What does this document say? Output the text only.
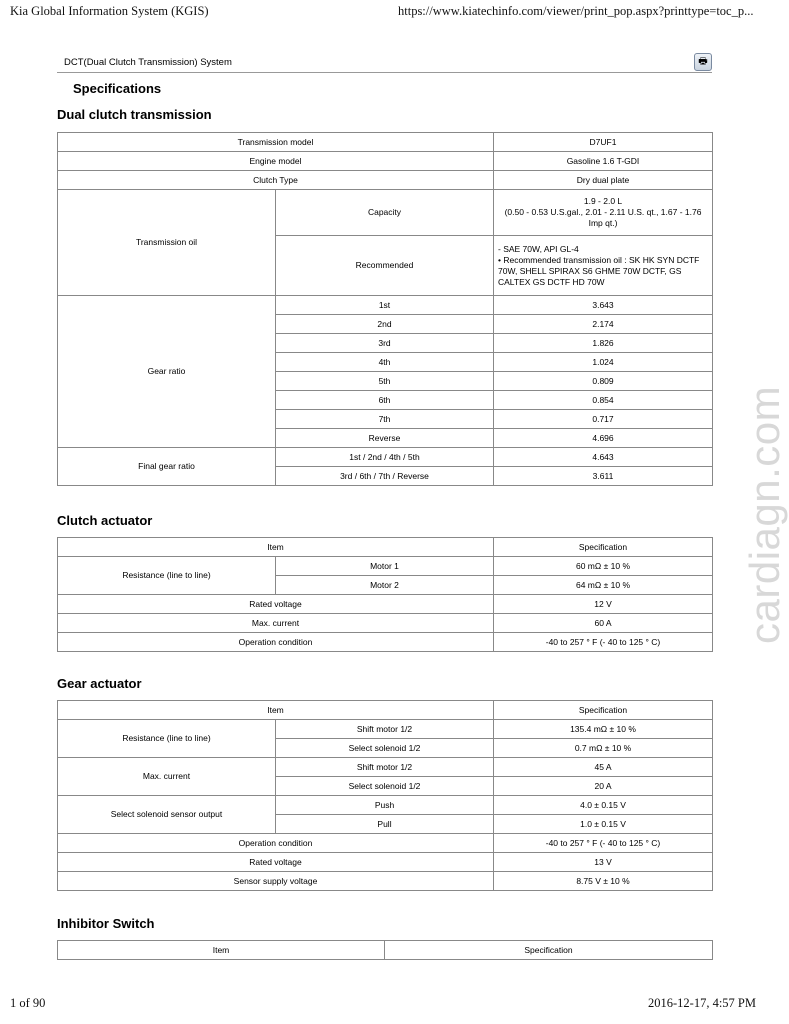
Kia Global Information System (KGIS)	https://www.kiatechinfo.com/viewer/print_pop.aspx?printtype=toc_p...
DCT(Dual Clutch Transmission) System	🖶
Specifications
Dual clutch transmission
Transmission model		D7UF1
Engine model		Gasoline 1.6 T-GDI
Clutch Type		Dry dual plate
Transmission oil	Capacity	1.9 - 2.0 L
(0.50 - 0.53 U.S.gal., 2.01 - 2.11 U.S. qt., 1.67 - 1.76 Imp qt.)

	Recommended	- SAE 70W, API GL-4
• Recommended transmission oil : SK HK SYN DCTF 70W, SHELL SPIRAX S6 GHME 70W DCTF, GS CALTEX GS DCTF HD 70W

Gear ratio	1st	3.643
	2nd	2.174
	3rd	1.826
	4th	1.024
	5th	0.809
	6th	0.854
	7th	0.717
	Reverse	4.696
Final gear ratio	1st / 2nd / 4th / 5th	4.643
	3rd / 6th / 7th / Reverse	3.611
Clutch actuator
Item		Specification
Resistance (line to line)	Motor 1	60 mΩ ± 10 %
	Motor 2	64 mΩ ± 10 %
Rated voltage		12 V
Max. current		60 A
Operation condition		-40 to 257 ° F (- 40 to 125 ° C)
Gear actuator
Item		Specification
Resistance (line to line)	Shift motor 1/2	135.4 mΩ ± 10 %
	Select solenoid 1/2	0.7 mΩ ± 10 %
Max. current	Shift motor 1/2	45 A
	Select solenoid 1/2	20 A
Select solenoid sensor output	Push	4.0 ± 0.15 V
	Pull	1.0 ± 0.15 V
Operation condition		-40 to 257 ° F (- 40 to 125 ° C)
Rated voltage		13 V
Sensor supply voltage		8.75 V ± 10 %
Inhibitor Switch
Item	Specification
cardiagn.com
1 of 90	2016-12-17, 4:57 PM
